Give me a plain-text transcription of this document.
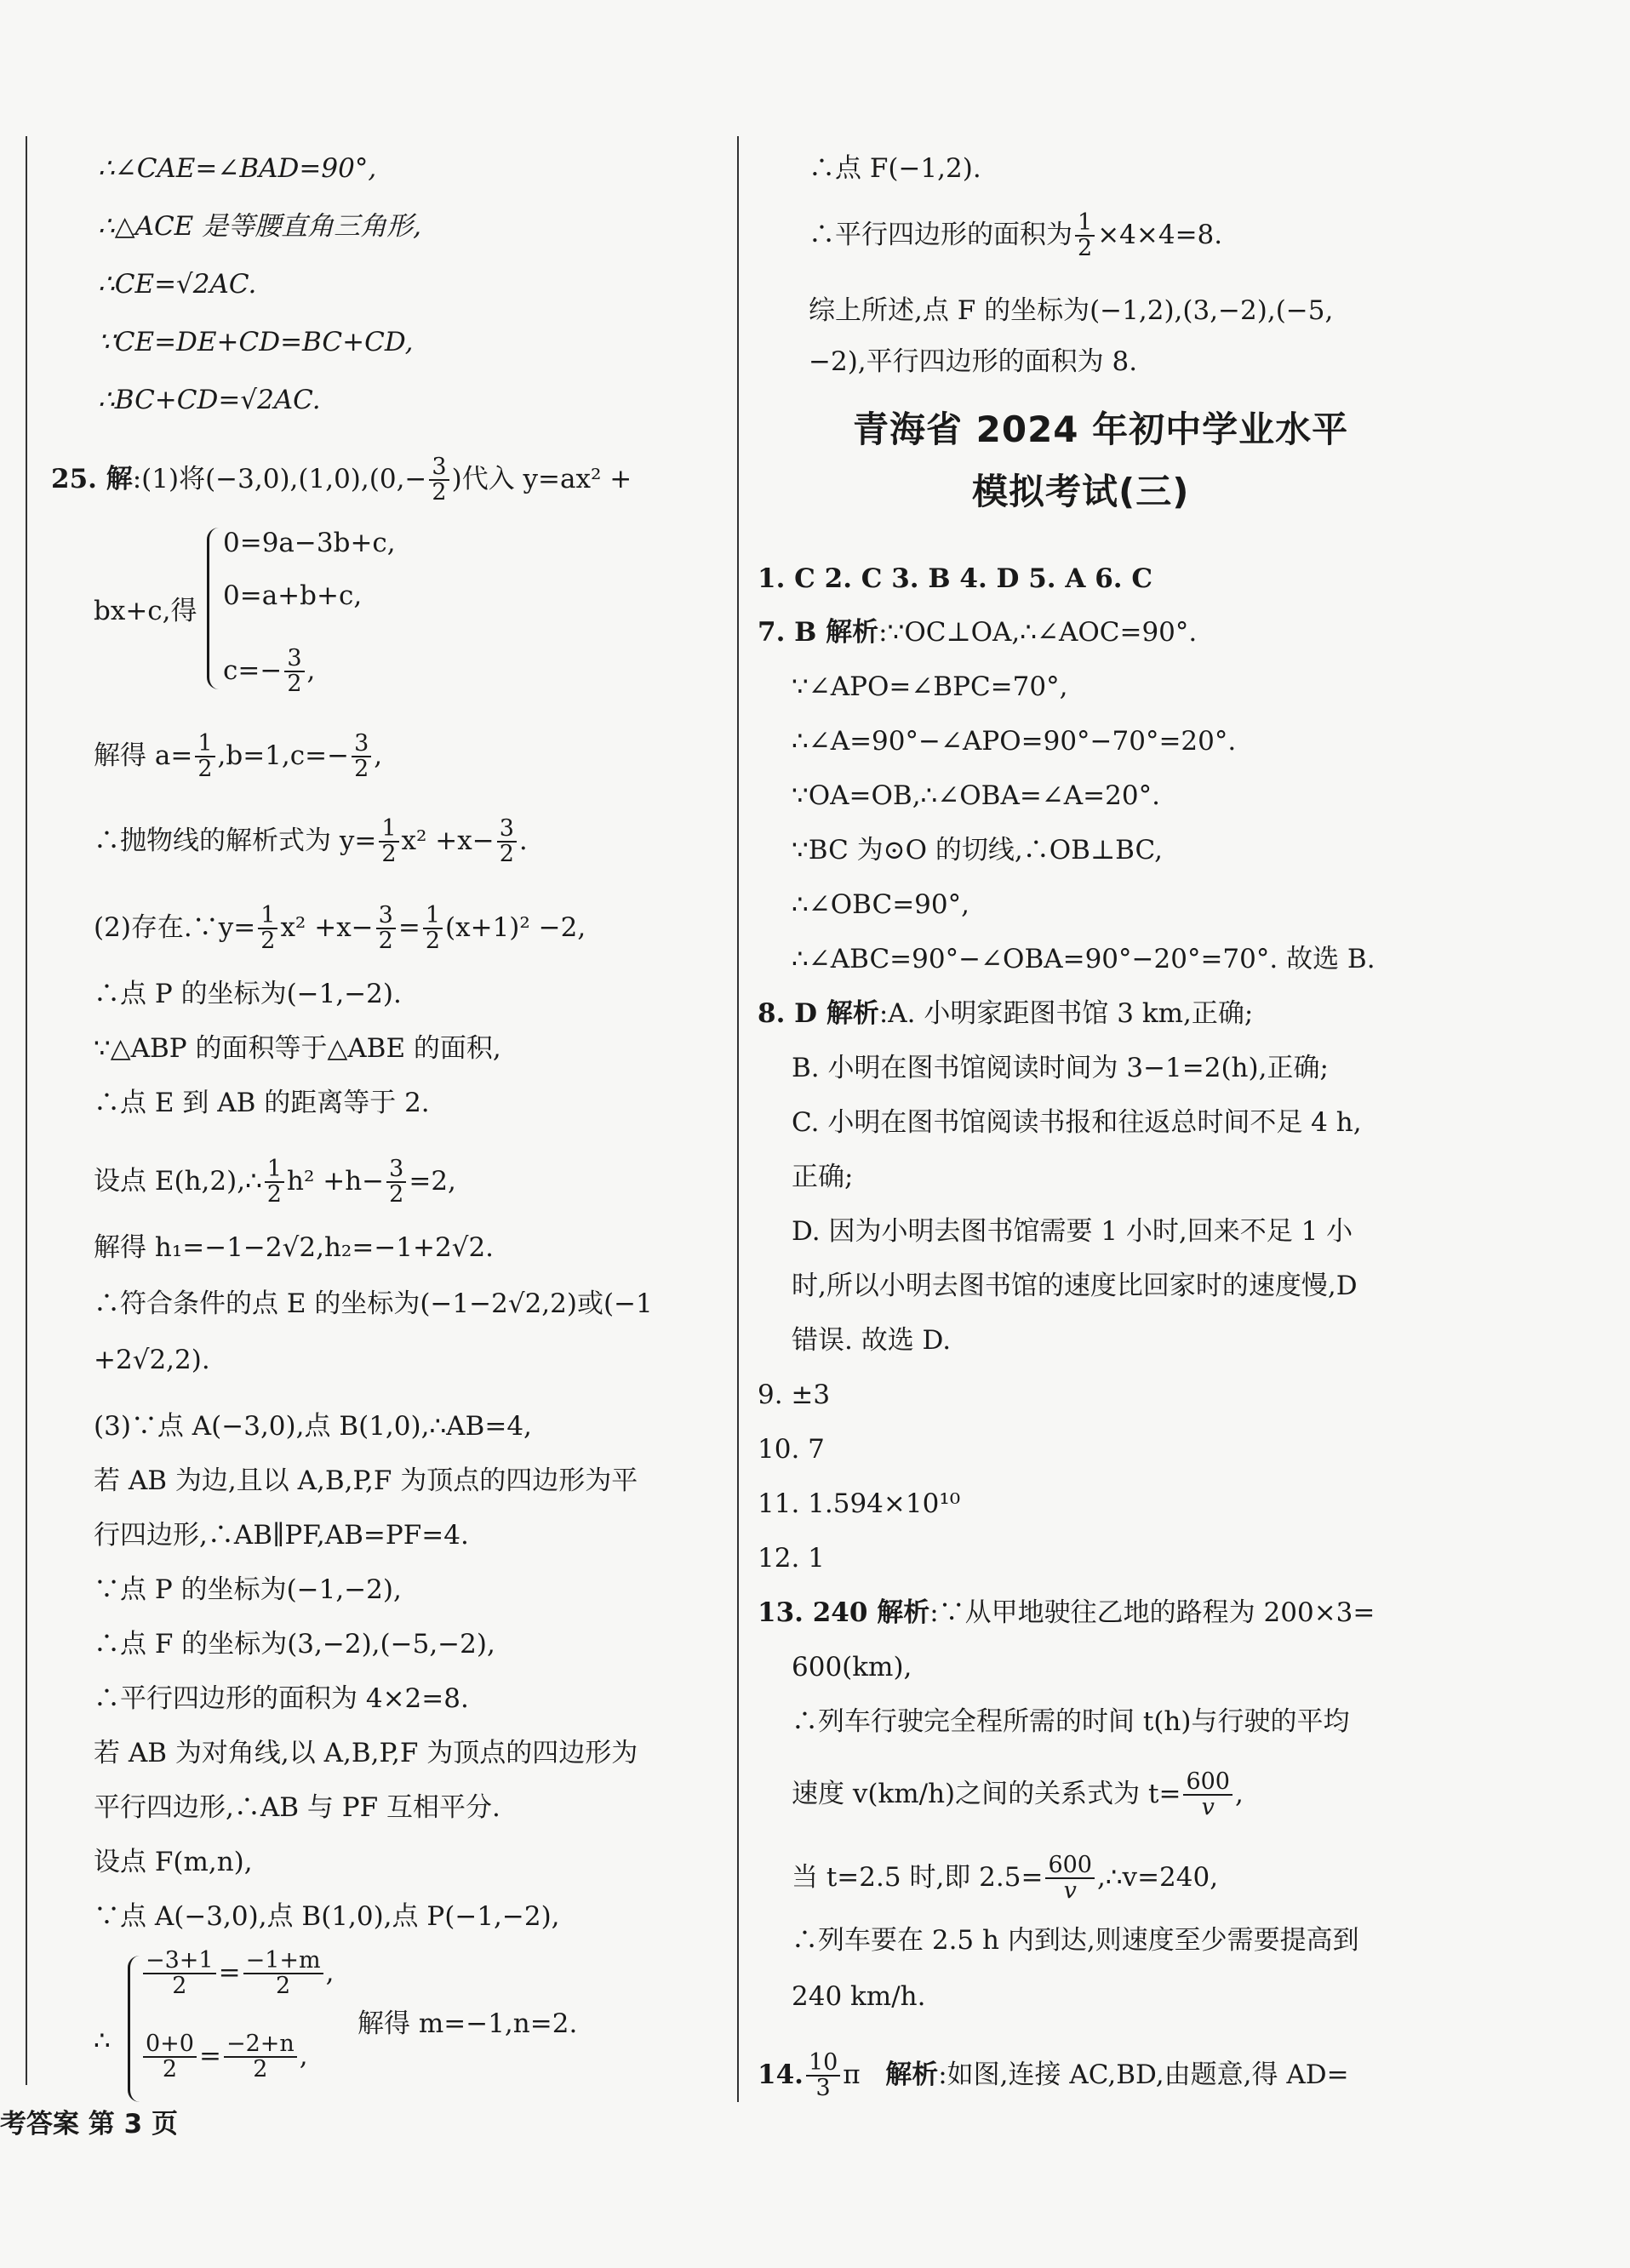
∴∠CAE=∠BAD=90°,
∴△ACE 是等腰直角三角形,
∴CE=√2AC.
∵CE=DE+CD=BC+CD,
∴BC+CD=√2AC.
25. 解:(1)将$(-3,0),(1,0),(0,- \frac{3}{2}$ )代入 y=ax² +
bx+c,得
0=9a−3b+c,
0=a+b+c,
$c=- \frac{3}{2}$ ,
解得 $a= \frac{1}{2} ,b=1,c=- \frac{3}{2}$ ,
∴抛物线的解析式为 $y= \frac{1}{2} x^2 +x- \frac{3}{2}$ .
(2)存在.∵y= $\frac{1}{2} x^2 +x- \frac{3}{2} = \frac{1}{2} (x+1)^2 -2$,
∴点 P 的坐标为(−1,−2).
∵△ABP 的面积等于△ABE 的面积,
∴点 E 到 AB 的距离等于 2.
设点 E(h,2),∴ $\frac{1}{2} h^2 +h- \frac{3}{2} =2$,
解得 h₁=−1−2√2,h₂=−1+2√2.
∴符合条件的点 E 的坐标为(−1−2√2,2)或(−1
+2√2,2).
(3)∵点 A(−3,0),点 B(1,0),∴AB=4,
若 AB 为边,且以 A,B,P,F 为顶点的四边形为平
行四边形,∴AB∥PF,AB=PF=4.
∵点 P 的坐标为(−1,−2),
∴点 F 的坐标为(3,−2),(−5,−2),
∴平行四边形的面积为 4×2=8.
若 AB 为对角线,以 A,B,P,F 为顶点的四边形为
平行四边形,∴AB 与 PF 互相平分.
设点 F(m,n),
∵点 A(−3,0),点 B(1,0),点 P(−1,−2),
∴
$\frac{-3+1}{2} = \frac{-1+m}{2}$ ,
$\frac{0+0}{2} = \frac{-2+n}{2}$ ,
解得 m=−1,n=2.
考答案 第 3 页
∴点 F(−1,2).
∴平行四边形的面积为 $\frac{1}{2} \times 4\times 4=8$.
综上所述,点 F 的坐标为(−1,2),(3,−2),(−5,
−2),平行四边形的面积为 8.
青海省 2024 年初中学业水平
模拟考试(三)
1. C 2. C 3. B 4. D 5. A 6. C
7. B 解析:∵OC⊥OA,∴∠AOC=90°.
∵∠APO=∠BPC=70°,
∴∠A=90°−∠APO=90°−70°=20°.
∵OA=OB,∴∠OBA=∠A=20°.
∵BC 为⊙O 的切线,∴OB⊥BC,
∴∠OBC=90°,
∴∠ABC=90°−∠OBA=90°−20°=70°. 故选 B.
8. D 解析:A. 小明家距图书馆 3 km,正确;
B. 小明在图书馆阅读时间为 3−1=2(h),正确;
C. 小明在图书馆阅读书报和往返总时间不足 4 h,
正确;
D. 因为小明去图书馆需要 1 小时,回来不足 1 小
时,所以小明去图书馆的速度比回家时的速度慢,D
错误. 故选 D.
9. ±3
10. 7
11. 1.594×10¹⁰
12. 1
13. 240 解析:∵从甲地驶往乙地的路程为 200×3=
600(km),
∴列车行驶完全程所需的时间 t(h)与行驶的平均
速度 v(km/h)之间的关系式为 $t= \frac{600}{v}$ ,
当 t=2.5 时,即 $2.5= \frac{600}{v}$ ,∴v=240,
∴列车要在 2.5 h 内到达,则速度至少需要提高到
240 km/h.
14. $\frac{10}{3}$ π 解析:如图,连接 AC,BD,由题意,得 AD=
